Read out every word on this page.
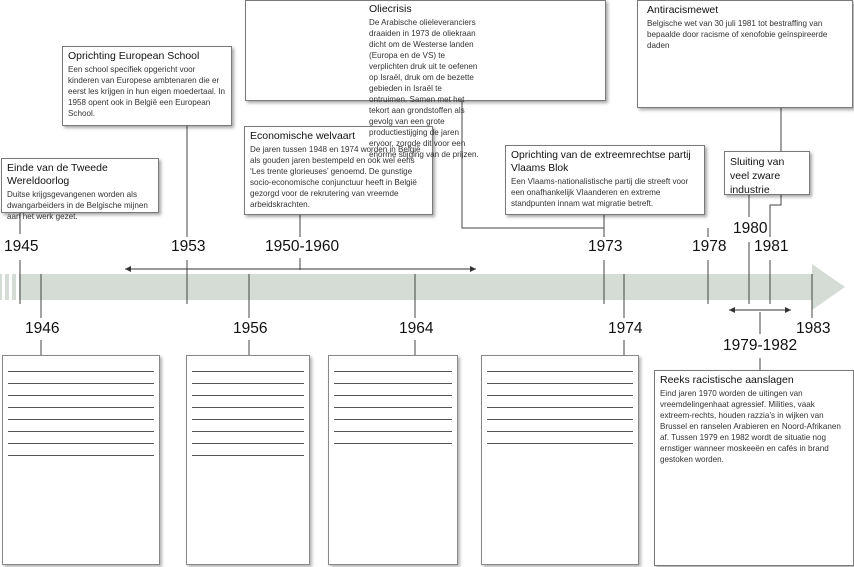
1945	1953	1950-1960	1973	1978
1980
1981
1946	1956	1964	1974
1979-1982
1983
Einde van de Tweede Wereldoorlog
Duitse krijgsgevangenen worden als dwangarbeiders in de Belgische mijnen aan het werk gezet.
Oprichting European School
Een school specifiek opgericht voor kinderen van Europese ambtenaren die er eerst les krijgen in hun eigen moedertaal. In 1958 opent ook in België een European School.
Economische welvaart
De jaren tussen 1948 en 1974 worden in België als gouden jaren bestempeld en ook wel eens ‘Les trente glorieuses’ genoemd. De gunstige socio-economische conjunctuur heeft in België gezorgd voor de rekrutering van vreemde arbeidskrachten.
Oliecrisis
De Arabische olieleveranciers draaiden in 1973 de oliekraan dicht om de Westerse landen (Europa en de VS) te verplichten druk uit te oefenen op Israël, druk om de bezette gebieden in Israël te ontruimen. Samen met het tekort aan grondstoffen als gevolg van een grote productiestijging de jaren ervoor, zorgde dit voor een enorme stijging van de prijzen.	Oprichting van de extreemrechtse partij Vlaams Blok
Een Vlaams-nationalistische partij die streeft voor een onafhankelijk Vlaanderen en extreme standpunten innam wat migratie betreft.
Antiracismewet
Belgische wet van 30 juli 1981 tot bestraffing van bepaalde door racisme of xenofobie geïnspireerde daden
Sluiting van veel zware industrie
Reeks racistische aanslagen
Eind jaren 1970 worden de uitingen van vreemdelingenhaat agressief. Milities, vaak extreem-rechts, houden razzia’s in wijken van Brussel en ranselen Arabieren en Noord-Afrikanen af. Tussen 1979 en 1982 wordt de situatie nog ernstiger wanneer moskeeën en cafés in brand gestoken worden.
